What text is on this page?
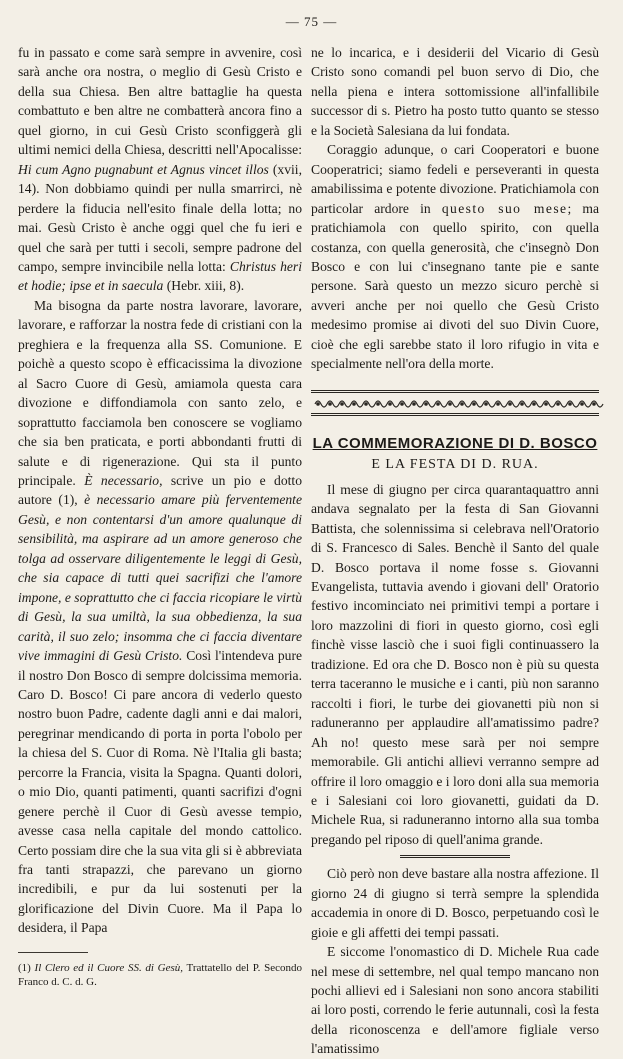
— 75 —

fu in passato e come sarà sempre in avvenire, così sarà anche ora nostra, o meglio di Gesù Cristo e della sua Chiesa. Ben altre battaglie ha questa combattuto e ben altre ne combatterà ancora fino a quel giorno, in cui Gesù Cristo sconfiggerà gli ultimi nemici della Chiesa, descritti nell'Apocalisse: Hi cum Agno pugnabunt et Agnus vincet illos (xvii, 14). Non dobbiamo quindi per nulla smarrirci, nè perdere la fiducia nell'esito finale della lotta; no mai. Gesù Cristo è anche oggi quel che fu ieri e quel che sarà per tutti i secoli, sempre padrone del campo, sempre invincibile nella lotta: Christus heri et hodie; ipse et in saecula (Hebr. xiii, 8).

Ma bisogna da parte nostra lavorare, lavorare, lavorare, e rafforzar la nostra fede di cristiani con la preghiera e la frequenza alla SS. Comunione. E poichè a questo scopo è efficacissima la divozione al Sacro Cuore di Gesù, amiamola questa cara divozione e diffondiamola con santo zelo, e soprattutto facciamola ben conoscere se vogliamo che sia ben praticata, e porti abbondanti frutti di salute e di rigenerazione. Qui sta il punto principale. È necessario, scrive un pio e dotto autore (1), è necessario amare più ferventemente Gesù, e non contentarsi d'un amore qualunque di sensibilità, ma aspirare ad un amore generoso che tolga ad osservare diligentemente le leggi di Gesù, che sia capace di tutti quei sacrifizi che l'amore impone, e soprattutto che ci faccia ricopiare le virtù di Gesù, la sua umiltà, la sua obbedienza, la sua carità, il suo zelo; insomma che ci faccia diventare vive immagini di Gesù Cristo. Così l'intendeva pure il nostro Don Bosco di sempre dolcissima memoria. Caro D. Bosco! Ci pare ancora di vederlo questo nostro buon Padre, cadente dagli anni e dai malori, peregrinar mendicando di porta in porta l'obolo per la chiesa del S. Cuor di Roma. Nè l'Italia gli basta; percorre la Francia, visita la Spagna. Quanti dolori, o mio Dio, quanti patimenti, quanti sacrifizi d'ogni genere perchè il Cuor di Gesù avesse tempio, avesse casa nella capitale del mondo cattolico. Certo possiam dire che la sua vita gli si è abbreviata fra tanti strapazzi, che parevano un giorno incredibili, e pur da lui sostenuti per la glorificazione del Divin Cuore. Ma il Papa lo desidera, il Papa

(1) Il Clero ed il Cuore SS. di Gesù, Trattatello del P. Secondo Franco d. C. d. G.

ne lo incarica, e i desiderii del Vicario di Gesù Cristo sono comandi pel buon servo di Dio, che nella piena e intera sottomissione all'infallibile successor di s. Pietro ha posto tutto quanto se stesso e la Società Salesiana da lui fondata.

Coraggio adunque, o cari Cooperatori e buone Cooperatrici; siamo fedeli e perseveranti in questa amabilissima e potente divozione. Pratichiamola con particolar ardore in questo suo mese; ma pratichiamola con quello spirito, con quella costanza, con quella generosità, che c'insegnò Don Bosco e con lui c'insegnano tante pie e sante persone. Sarà questo un mezzo sicuro perchè si avveri anche per noi quello che Gesù Cristo medesimo promise ai divoti del suo Divin Cuore, cioè che egli sarebbe stato il loro rifugio in vita e specialmente nell'ora della morte.

LA COMMEMORAZIONE DI D. BOSCO
E LA FESTA DI D. RUA.

Il mese di giugno per circa quarantaquattro anni andava segnalato per la festa di San Giovanni Battista, che solennissima si celebrava nell'Oratorio di S. Francesco di Sales. Benchè il Santo del quale D. Bosco portava il nome fosse s. Giovanni Evangelista, tuttavia avendo i giovani dell' Oratorio festivo incominciato nei primitivi tempi a portare i loro mazzolini di fiori in questo giorno, così egli finchè visse lasciò che i suoi figli continuassero la tradizione. Ed ora che D. Bosco non è più su questa terra taceranno le musiche e i canti, più non saranno raccolti i fiori, le turbe dei giovanetti più non si raduneranno per applaudire all'amatissimo padre? Ah no! questo mese sarà per noi sempre memorabile. Gli antichi allievi verranno sempre ad offrire il loro omaggio e i loro doni alla sua memoria e i Salesiani coi loro giovanetti, guidati da D. Michele Rua, si raduneranno intorno alla sua tomba pregando pel riposo di quell'anima grande.

Ciò però non deve bastare alla nostra affezione. Il giorno 24 di giugno si terrà sempre la splendida accademia in onore di D. Bosco, perpetuando così le gioie e gli affetti dei tempi passati.

E siccome l'onomastico di D. Michele Rua cade nel mese di settembre, nel qual tempo mancano non pochi allievi ed i Salesiani non sono ancora stabiliti ai loro posti, correndo le ferie autunnali, così la festa della riconoscenza e dell'amore figliale verso l'amatissimo
